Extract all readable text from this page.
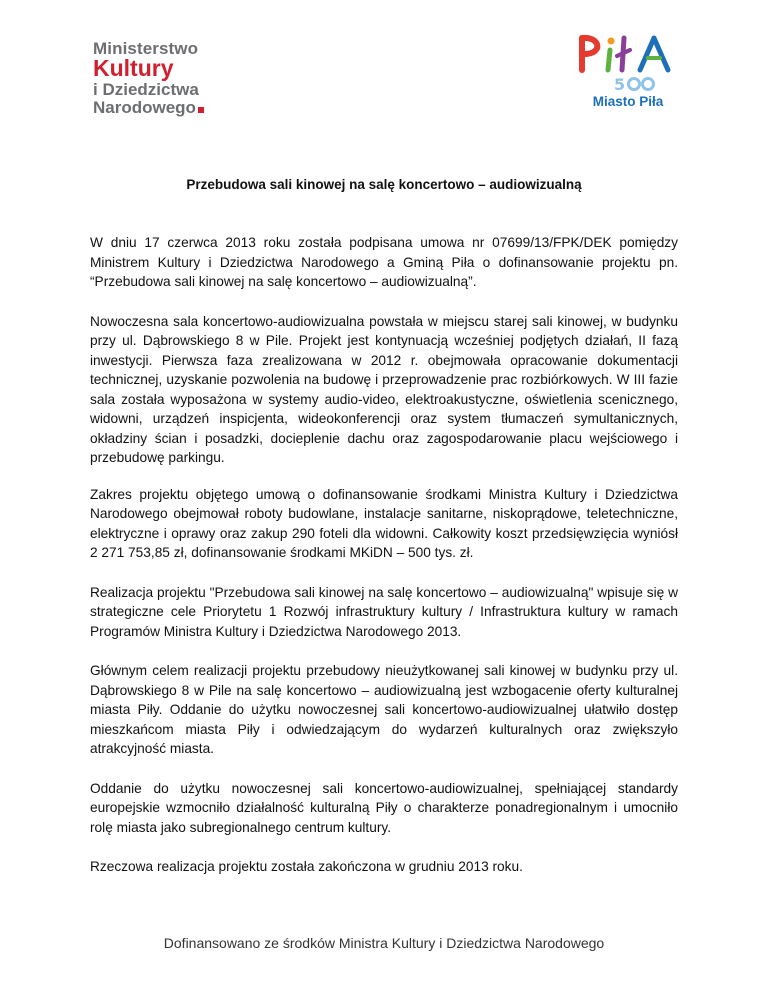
Ministerstwo
Kultury
i Dziedzictwa
Narodowego
5
Miasto Piła
Przebudowa sali kinowej na salę koncertowo – audiowizualną

W dniu 17 czerwca 2013 roku została podpisana umowa nr 07699/13/FPK/DEK pomiędzy Ministrem Kultury i Dziedzictwa Narodowego a Gminą Piła o dofinansowanie projektu pn. “Przebudowa sali kinowej na salę koncertowo – audiowizualną”.

Nowoczesna sala koncertowo-audiowizualna powstała w miejscu starej sali kinowej, w budynku przy ul. Dąbrowskiego 8 w Pile. Projekt jest kontynuacją wcześniej podjętych działań, II fazą inwestycji. Pierwsza faza zrealizowana w 2012 r. obejmowała opracowanie dokumentacji technicznej, uzyskanie pozwolenia na budowę i przeprowadzenie prac rozbiórkowych. W III fazie sala została wyposażona w systemy audio-video, elektroakustyczne, oświetlenia scenicznego, widowni, urządzeń inspicjenta, wideokonferencji oraz system tłumaczeń symultanicznych, okładziny ścian i posadzki, docieplenie dachu oraz zagospodarowanie placu wejściowego i przebudowę parkingu.

Zakres projektu objętego umową o dofinansowanie środkami Ministra Kultury i Dziedzictwa Narodowego obejmował roboty budowlane, instalacje sanitarne, niskoprądowe, teletechniczne, elektryczne i oprawy oraz zakup 290 foteli dla widowni. Całkowity koszt przedsięwzięcia wyniósł 2 271 753,85 zł, dofinansowanie środkami MKiDN – 500 tys. zł.

Realizacja projektu "Przebudowa sali kinowej na salę koncertowo – audiowizualną" wpisuje się w strategiczne cele Priorytetu 1 Rozwój infrastruktury kultury / Infrastruktura kultury w ramach Programów Ministra Kultury i Dziedzictwa Narodowego 2013.

Głównym celem realizacji projektu przebudowy nieużytkowanej sali kinowej w budynku przy ul. Dąbrowskiego 8 w Pile na salę koncertowo – audiowizualną jest wzbogacenie oferty kulturalnej miasta Piły. Oddanie do użytku nowoczesnej sali koncertowo-audiowizualnej ułatwiło dostęp mieszkańcom miasta Piły i odwiedzającym do wydarzeń kulturalnych oraz zwiększyło atrakcyjność miasta.

Oddanie do użytku nowoczesnej sali koncertowo-audiowizualnej, spełniającej standardy europejskie wzmocniło działalność kulturalną Piły o charakterze ponadregionalnym i umocniło rolę miasta jako subregionalnego centrum kultury.

Rzeczowa realizacja projektu została zakończona w grudniu 2013 roku.

Dofinansowano ze środków Ministra Kultury i Dziedzictwa Narodowego
